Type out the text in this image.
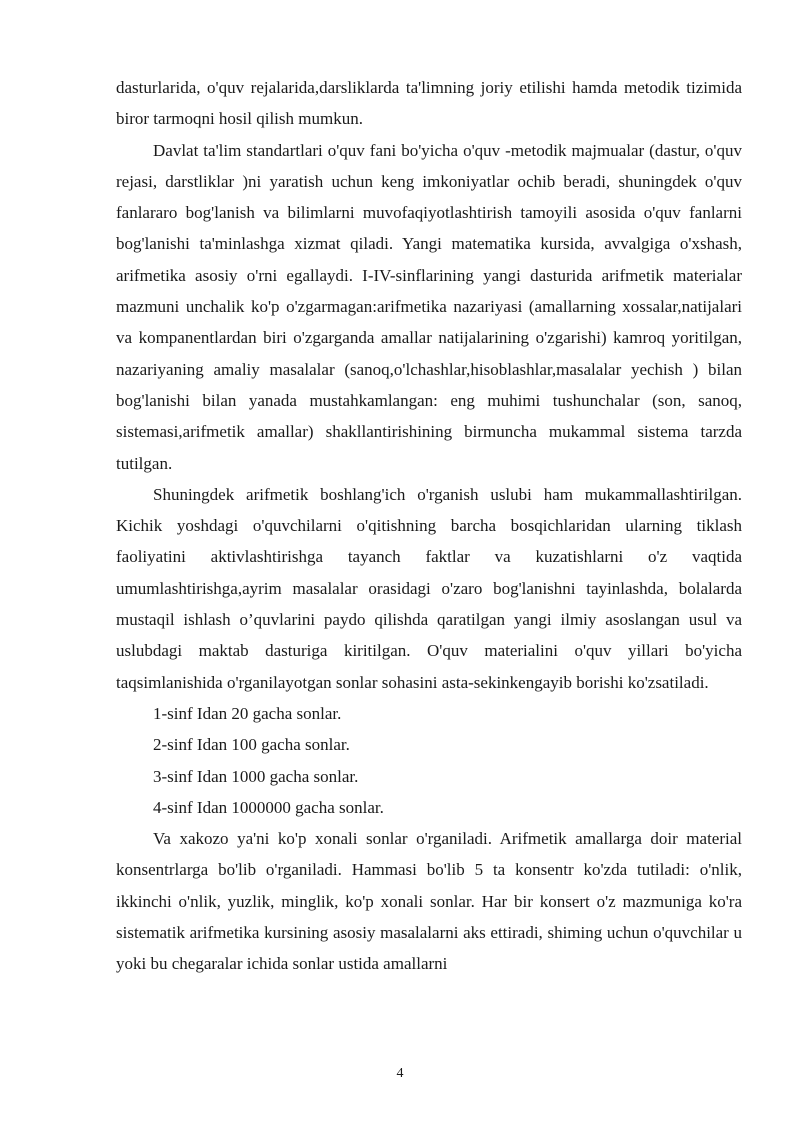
dasturlarida, o'quv rejalarida,darsliklarda ta'limning joriy etilishi hamda metodik tizimida biror tarmoqni hosil qilish mumkun.

Davlat ta'lim standartlari o'quv fani bo'yicha o'quv -metodik majmualar (dastur, o'quv rejasi, darstliklar )ni yaratish uchun keng imkoniyatlar ochib beradi, shuningdek o'quv fanlararo bog'lanish va bilimlarni muvofaqiyotlashtirish tamoyili asosida o'quv fanlarni bog'lanishi ta'minlashga xizmat qiladi. Yangi matematika kursida, avvalgiga o'xshash, arifmetika asosiy o'rni egallaydi. I-IV-sinflarining yangi dasturida arifmetik materialar mazmuni unchalik ko'p o'zgarmagan:arifmetika nazariyasi (amallarning xossalar,natijalari va kompanentlardan biri o'zgarganda amallar natijalarining o'zgarishi) kamroq yoritilgan, nazariyaning amaliy masalalar (sanoq,o'lchashlar,hisoblashlar,masalalar yechish ) bilan bog'lanishi bilan yanada mustahkamlangan: eng muhimi tushunchalar (son, sanoq, sistemasi,arifmetik amallar) shakllantirishining birmuncha mukammal sistema tarzda tutilgan.

Shuningdek arifmetik boshlang'ich o'rganish uslubi ham mukammallashtirilgan. Kichik yoshdagi o'quvchilarni o'qitishning barcha bosqichlaridan ularning tiklash faoliyatini aktivlashtirishga tayanch faktlar va kuzatishlarni o'z vaqtida umumlashtirishga,ayrim masalalar orasidagi o'zaro bog'lanishni tayinlashda, bolalarda mustaqil ishlash o’quvlarini paydo qilishda qaratilgan yangi ilmiy asoslangan usul va uslubdagi maktab dasturiga kiritilgan. O'quv materialini o'quv yillari bo'yicha taqsimlanishida o'rganilayotgan sonlar sohasini asta-sekinkengayib borishi ko'zsatiladi.

1-sinf Idan 20 gacha sonlar.

2-sinf Idan 100 gacha sonlar.

3-sinf Idan 1000 gacha sonlar.

4-sinf Idan 1000000 gacha sonlar.

Va xakozo ya'ni ko'p xonali sonlar o'rganiladi. Arifmetik amallarga doir material konsentrlarga bo'lib o'rganiladi. Hammasi bo'lib 5 ta konsentr ko'zda tutiladi: o'nlik, ikkinchi o'nlik, yuzlik, minglik, ko'p xonali sonlar. Har bir konsert o'z mazmuniga ko'ra sistematik arifmetika kursining asosiy masalalarni aks ettiradi, shiming uchun o'quvchilar u yoki bu chegaralar ichida sonlar ustida amallarni

4
